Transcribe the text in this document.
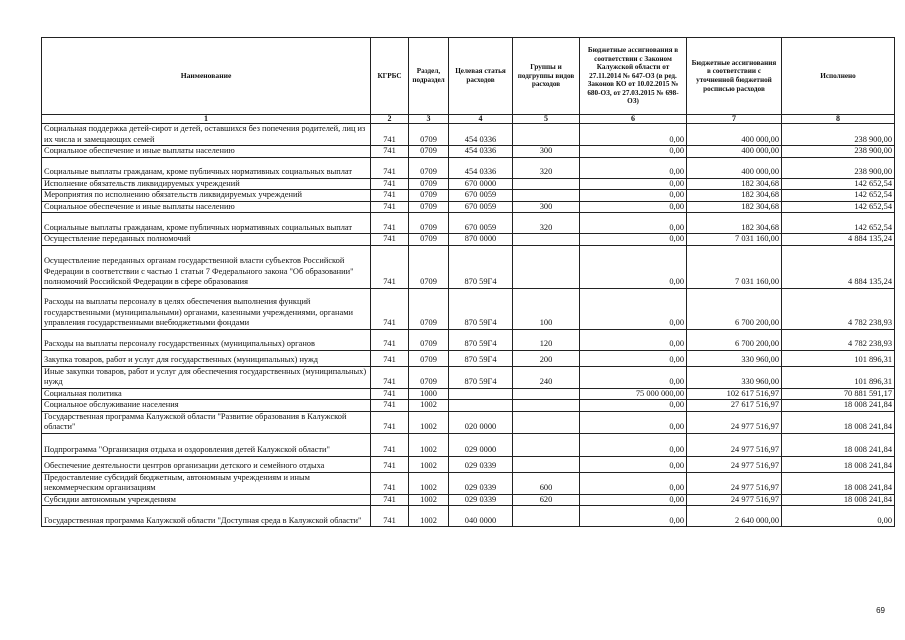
Наименование	КГРБС	Раздел, подраздел	Целевая статья расходов	Группы и подгруппы видов расходов	Бюджетные ассигнования в соответствии с Законом Калужской области от 27.11.2014 № 647-ОЗ (в ред. Законов КО от 10.02.2015 № 680-ОЗ, от 27.03.2015 № 698-ОЗ)	Бюджетные ассигнования в соответствии с уточненной бюджетной росписью расходов	Исполнено
1	2	3	4	5	6	7	8
Социальная поддержка детей-сирот и детей, оставшихся без попечения родителей, лиц из их числа и замещающих семей	741	0709	454 0336		0,00	400 000,00	238 900,00
Социальное обеспечение и иные выплаты населению	741	0709	454 0336	300	0,00	400 000,00	238 900,00
Социальные выплаты гражданам, кроме публичных нормативных социальных выплат	741	0709	454 0336	320	0,00	400 000,00	238 900,00
Исполнение обязательств ликвидируемых учреждений	741	0709	670 0000		0,00	182 304,68	142 652,54
Мероприятия по исполнению обязательств ликвидируемых учреждений	741	0709	670 0059		0,00	182 304,68	142 652,54
Социальное обеспечение и иные выплаты населению	741	0709	670 0059	300	0,00	182 304,68	142 652,54
Социальные выплаты гражданам, кроме публичных нормативных социальных выплат	741	0709	670 0059	320	0,00	182 304,68	142 652,54
Осуществление переданных полномочий	741	0709	870 0000		0,00	7 031 160,00	4 884 135,24
Осуществление переданных органам государственной власти субъектов Российской Федерации в соответствии с частью 1 статьи 7 Федерального закона "Об образовании" полномочий Российской Федерации в сфере образования	741	0709	870 59Г4		0,00	7 031 160,00	4 884 135,24
Расходы на выплаты персоналу в целях обеспечения выполнения функций государственными (муниципальными) органами, казенными учреждениями, органами управления государственными внебюджетными фондами	741	0709	870 59Г4	100	0,00	6 700 200,00	4 782 238,93
Расходы на выплаты персоналу государственных (муниципальных) органов	741	0709	870 59Г4	120	0,00	6 700 200,00	4 782 238,93
Закупка товаров, работ и услуг для государственных (муниципальных) нужд	741	0709	870 59Г4	200	0,00	330 960,00	101 896,31
Иные закупки товаров, работ и услуг для обеспечения государственных (муниципальных) нужд	741	0709	870 59Г4	240	0,00	330 960,00	101 896,31
Социальная политика	741	1000			75 000 000,00	102 617 516,97	70 881 591,17
Социальное обслуживание населения	741	1002			0,00	27 617 516,97	18 008 241,84
Государственная программа Калужской области "Развитие образования в Калужской области"	741	1002	020 0000		0,00	24 977 516,97	18 008 241,84
Подпрограмма "Организация отдыха и оздоровления детей Калужской области"	741	1002	029 0000		0,00	24 977 516,97	18 008 241,84
Обеспечение деятельности центров организации детского и семейного отдыха	741	1002	029 0339		0,00	24 977 516,97	18 008 241,84
Предоставление субсидий бюджетным, автономным учреждениям и иным некоммерческим организациям	741	1002	029 0339	600	0,00	24 977 516,97	18 008 241,84
Субсидии автономным учреждениям	741	1002	029 0339	620	0,00	24 977 516,97	18 008 241,84
Государственная программа Калужской области "Доступная среда в Калужской области"	741	1002	040 0000		0,00	2 640 000,00	0,00
69
